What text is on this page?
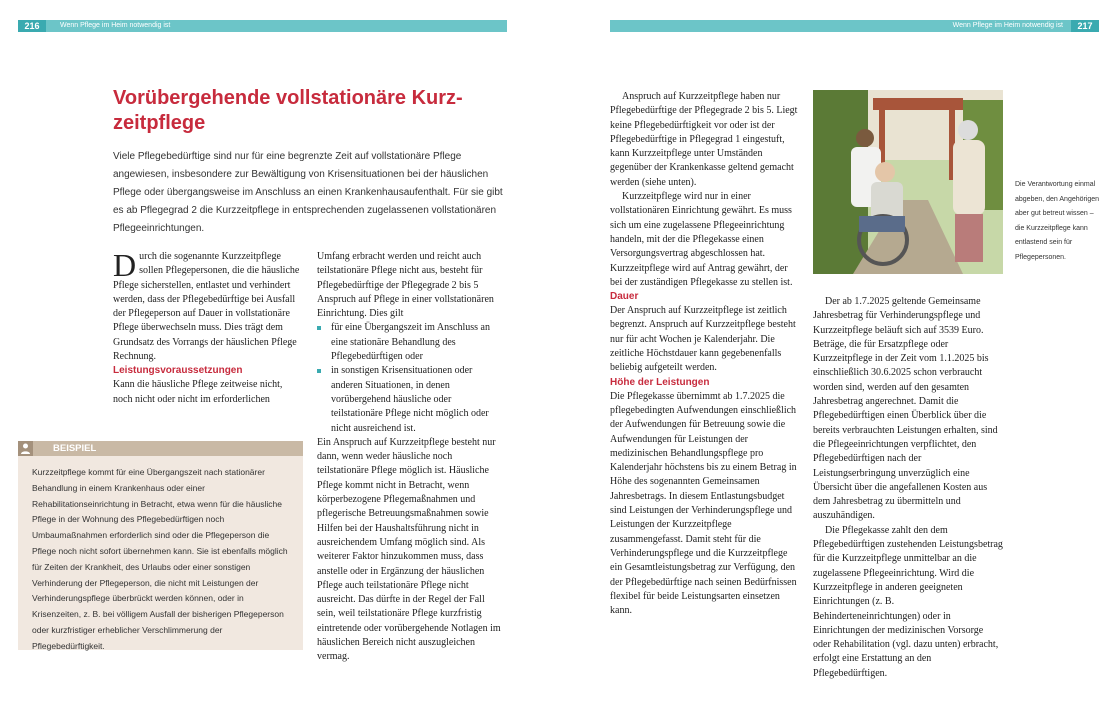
216	Wenn Pflege im Heim notwendig ist	Wenn Pflege im Heim notwendig ist	217
Vorübergehende vollstationäre Kurz-zeitpflege

Viele Pflegebedürftige sind nur für eine begrenzte Zeit auf vollstationäre Pflege angewiesen, insbesondere zur Bewältigung von Krisensituationen bei der häuslichen Pflege oder übergangsweise im Anschluss an einen Krankenhausaufenthalt. Für sie gibt es ab Pflegegrad 2 die Kurzzeitpflege in entsprechenden zugelassenen vollstationären Pflegeeinrichtungen.

Durch die sogenannte Kurzzeitpflege sollen Pflegepersonen, die die häusliche Pflege sicherstellen, entlastet und verhindert werden, dass der Pflegebedürftige bei Ausfall der Pflegeperson auf Dauer in vollstationäre Pflege überwechseln muss. Dies trägt dem Grundsatz des Vorrangs der häuslichen Pflege Rechnung.

Leistungsvoraussetzungen

Kann die häusliche Pflege zeitweise nicht, noch nicht oder nicht im erforderlichen

BEISPIEL

Kurzzeitpflege kommt für eine Übergangszeit nach stationärer Behandlung in einem Krankenhaus oder einer Rehabilitationseinrichtung in Betracht, etwa wenn für die häusliche Pflege in der Wohnung des Pflegebedürftigen noch Umbaumaßnahmen erforderlich sind oder die Pflegeperson die Pflege noch nicht sofort übernehmen kann. Sie ist ebenfalls möglich für Zeiten der Krankheit, des Urlaubs oder einer sonstigen Verhinderung der Pflegeperson, die nicht mit Leistungen der Verhinderungspflege überbrückt werden können, oder in Krisenzeiten, z. B. bei völligem Ausfall der bisherigen Pflegeperson oder kurzfristiger erheblicher Verschlimmerung der Pflegebedürftigkeit.

Umfang erbracht werden und reicht auch teilstationäre Pflege nicht aus, besteht für Pflegebedürftige der Pflegegrade 2 bis 5 Anspruch auf Pflege in einer vollstationären Einrichtung. Dies gilt

für eine Übergangszeit im Anschluss an eine stationäre Behandlung des Pflegebedürftigen oder
in sonstigen Krisensituationen oder anderen Situationen, in denen vorübergehend häusliche oder teilstationäre Pflege nicht möglich oder nicht ausreichend ist.

Ein Anspruch auf Kurzzeitpflege besteht nur dann, wenn weder häusliche noch teilstationäre Pflege möglich ist. Häusliche Pflege kommt nicht in Betracht, wenn körperbezogene Pflegemaßnahmen und pflegerische Betreuungsmaßnahmen sowie Hilfen bei der Haushaltsführung nicht in ausreichendem Umfang möglich sind. Als weiterer Faktor hinzukommen muss, dass anstelle oder in Ergänzung der häuslichen Pflege auch teilstationäre Pflege nicht ausreicht. Das dürfte in der Regel der Fall sein, weil teilstationäre Pflege kurzfristig eintretende oder vorübergehende Notlagen im häuslichen Bereich nicht auszugleichen vermag.

Anspruch auf Kurzzeitpflege haben nur Pflegebedürftige der Pflegegrade 2 bis 5. Liegt keine Pflegebedürftigkeit vor oder ist der Pflegebedürftige in Pflegegrad 1 eingestuft, kann Kurzzeitpflege unter Umständen gegenüber der Krankenkasse geltend gemacht werden (siehe unten).

Kurzzeitpflege wird nur in einer vollstationären Einrichtung gewährt. Es muss sich um eine zugelassene Pflegeeinrichtung handeln, mit der die Pflegekasse einen Versorgungsvertrag abgeschlossen hat. Kurzzeitpflege wird auf Antrag gewährt, der bei der zuständigen Pflegekasse zu stellen ist.

Dauer

Der Anspruch auf Kurzzeitpflege ist zeitlich begrenzt. Anspruch auf Kurzzeitpflege besteht nur für acht Wochen je Kalenderjahr. Die zeitliche Höchstdauer kann gegebenenfalls beliebig aufgeteilt werden.

Höhe der Leistungen

Die Pflegekasse übernimmt ab 1.7.2025 die pflegebedingten Aufwendungen einschließlich der Aufwendungen für Betreuung sowie die Aufwendungen für Leistungen der medizinischen Behandlungspflege pro Kalenderjahr höchstens bis zu einem Betrag in Höhe des sogenannten Gemeinsamen Jahresbetrags. In diesem Entlastungsbudget sind Leistungen der Verhinderungspflege und Leistungen der Kurzzeitpflege zusammengefasst. Damit steht für die Verhinderungspflege und die Kurzzeitpflege ein Gesamtleistungsbetrag zur Verfügung, den der Pflegebedürftige nach seinen Bedürfnissen flexibel für beide Leistungsarten einsetzen kann.

Die Verantwortung einmal abgeben, den Angehörigen aber gut betreut wissen – die Kurzzeitpflege kann entlastend sein für Pflegepersonen.

Der ab 1.7.2025 geltende Gemeinsame Jahresbetrag für Verhinderungspflege und Kurzzeitpflege beläuft sich auf 3539 Euro. Beträge, die für Ersatzpflege oder Kurzzeitpflege in der Zeit vom 1.1.2025 bis einschließlich 30.6.2025 schon verbraucht worden sind, werden auf den gesamten Jahresbetrag angerechnet. Damit die Pflegebedürftigen einen Überblick über die bereits verbrauchten Leistungen erhalten, sind die Pflegeeinrichtungen verpflichtet, den Pflegebedürftigen nach der Leistungserbringung unverzüglich eine Übersicht über die angefallenen Kosten aus dem Jahresbetrag zu übermitteln und auszuhändigen.

Die Pflegekasse zahlt den dem Pflegebedürftigen zustehenden Leistungsbetrag für die Kurzzeitpflege unmittelbar an die zugelassene Pflegeeinrichtung. Wird die Kurzzeitpflege in anderen geeigneten Einrichtungen (z. B. Behinderteneinrichtungen) oder in Einrichtungen der medizinischen Vorsorge oder Rehabilitation (vgl. dazu unten) erbracht, erfolgt eine Erstattung an den Pflegebedürftigen.
